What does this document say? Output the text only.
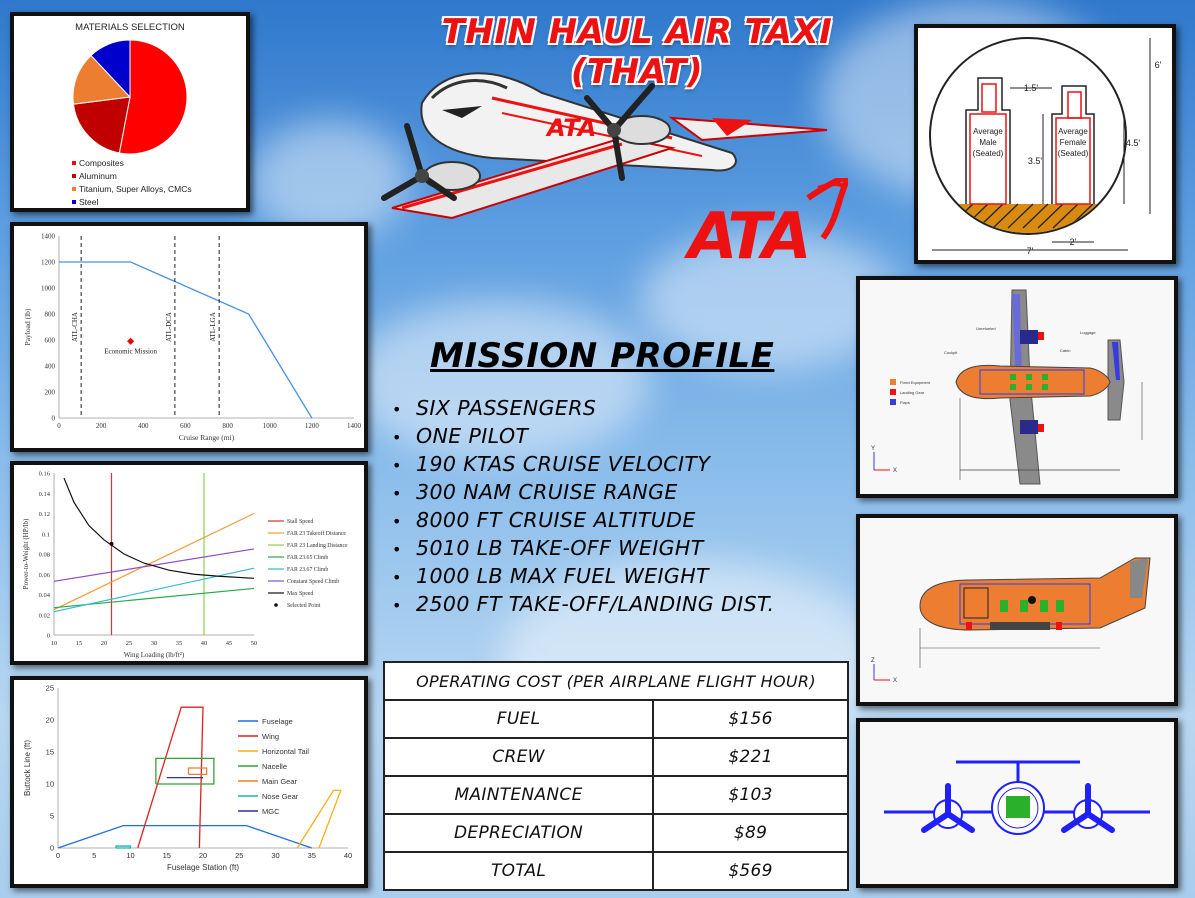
THIN HAUL AIR TAXI (THAT)
ATA
ATA
MATERIALS SELECTION
Composites
Aluminum
Titanium, Super Alloys, CMCs
Steel
0	200	400	600	800	1000	1200	1400
0
200
400
600
800
1000
1200
1400
Cruise Range (mi)
Payload (lb)	ATL-CHA	ATL-DCA	ATL-LGA
Economic Mission
10	15	20	25	30	35	40	45	50
0
0.02
0.04
0.06
0.08
0.1
0.12
0.14
0.16
Wing Loading (lb/ft²)
Power-to-Weight (HP/lb)	Stall Speed
FAR 23 Takeoff Distance
FAR 23 Landing Distance
FAR 23.65 Climb
FAR 23.67 Climb
Constant Speed Climb
Max Speed
Selected Point
0	5	10	15	20	25	30	35	40
0
5
10
15
20
25
Fuselage Station (ft)
Buttock Line (ft)
Fuselage
Wing
Horizontal Tail
Nacelle
Main Gear
Nose Gear
MGC
Average
Male
(Seated)
Average
Female
(Seated)
1.5'
3.5'
4.5'
6'
2'
7'
Fixed Equipment
Landing Gear
Flaps
Cockpit
Unrefueled
Cabin
Luggage
Y
X
Z
X
MISSION PROFILE
• SIX PASSENGERS
• ONE PILOT
• 190 KTAS CRUISE VELOCITY
• 300 NAM CRUISE RANGE
• 8000 FT CRUISE ALTITUDE
• 5010 LB TAKE-OFF WEIGHT
• 1000 LB MAX FUEL WEIGHT
• 2500 FT TAKE-OFF/LANDING DIST.
OPERATING COST (PER AIRPLANE FLIGHT HOUR)	
FUEL	$156
CREW	$221
MAINTENANCE	$103
DEPRECIATION	$89
TOTAL	$569
